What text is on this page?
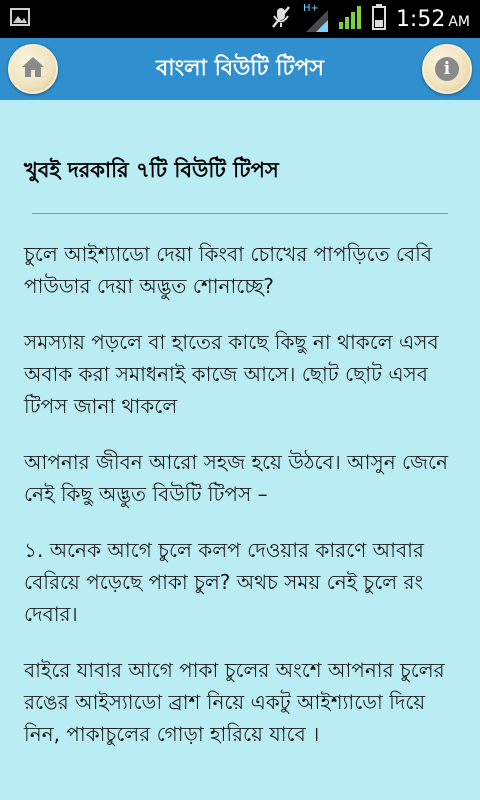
H+	1:52 AM
বাংলা বিউটি টিপস	i
খুবই দরকারি ৭টি বিউটি টিপস

চুলে আইশ্যাডো দেয়া কিংবা চোখের পাপড়িতে বেবি পাউডার দেয়া অদ্ভুত শোনাচ্ছে?

সমস্যায় পড়লে বা হাতের কাছে কিছু না থাকলে এসব অবাক করা সমাধনাই কাজে আসে। ছোট ছোট এসব টিপস জানা থাকলে

আপনার জীবন আরো সহজ হয়ে উঠবে। আসুন জেনে নেই কিছু অদ্ভুত বিউটি টিপস –

১. অনেক আগে চুলে কলপ দেওয়ার কারণে আবার বেরিয়ে পড়েছে পাকা চুল? অথচ সময় নেই চুলে রং দেবার।

বাইরে যাবার আগে পাকা চুলের অংশে আপনার চুলের রঙের আইস্যাডো ব্রাশ নিয়ে একটু আইশ্যাডো দিয়ে নিন, পাকাচুলের গোড়া হারিয়ে যাবে ।
